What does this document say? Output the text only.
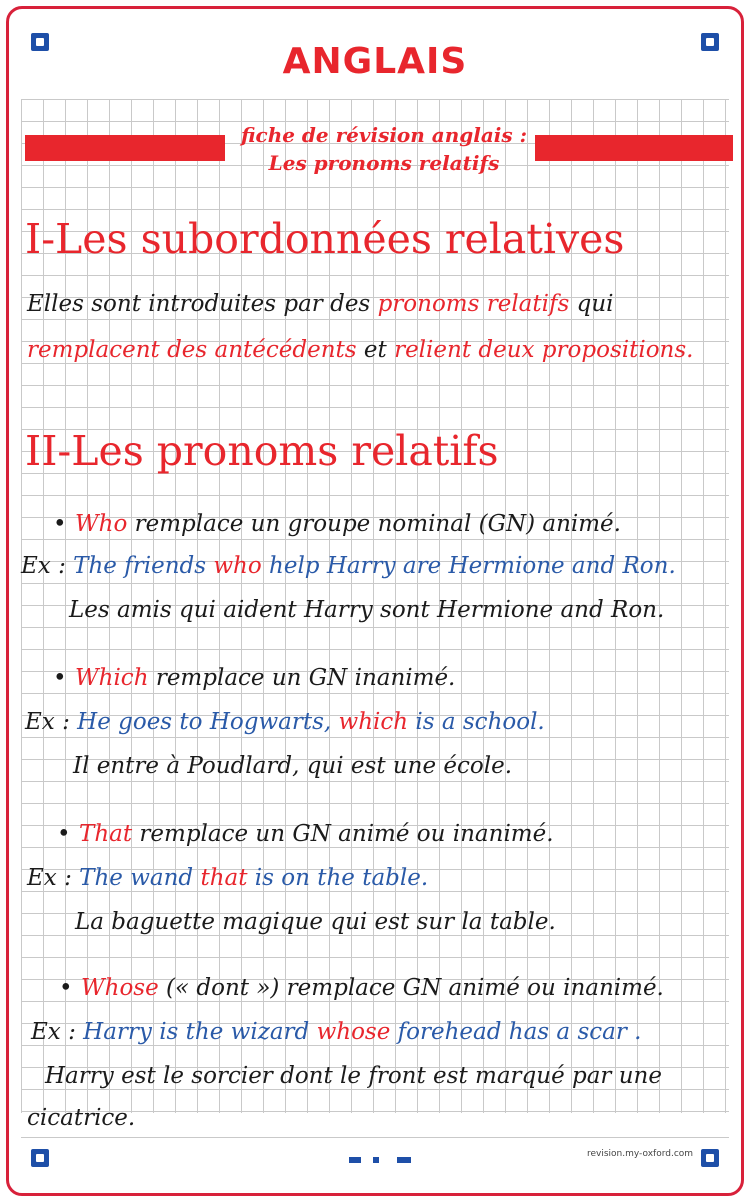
ANGLAIS
fiche de révision anglais :
Les pronoms relatifs
I-Les subordonnées relatives
Elles sont introduites par des pronoms relatifs qui
remplacent des antécédents et relient deux propositions.
II-Les pronoms relatifs
• Who remplace un groupe nominal (GN) animé.
Ex : The friends who help Harry are Hermione and Ron.
Les amis qui aident Harry sont Hermione and Ron.
• Which remplace un GN inanimé.
Ex : He goes to Hogwarts, which is a school.
Il entre à Poudlard, qui est une école.
• That remplace un GN animé ou inanimé.
Ex : The wand that is on the table.
La baguette magique qui est sur la table.
• Whose (« dont ») remplace GN animé ou inanimé.
Ex : Harry is the wizard whose forehead has a scar .
Harry est le sorcier dont le front est marqué par une
cicatrice.
revision.my-oxford.com
